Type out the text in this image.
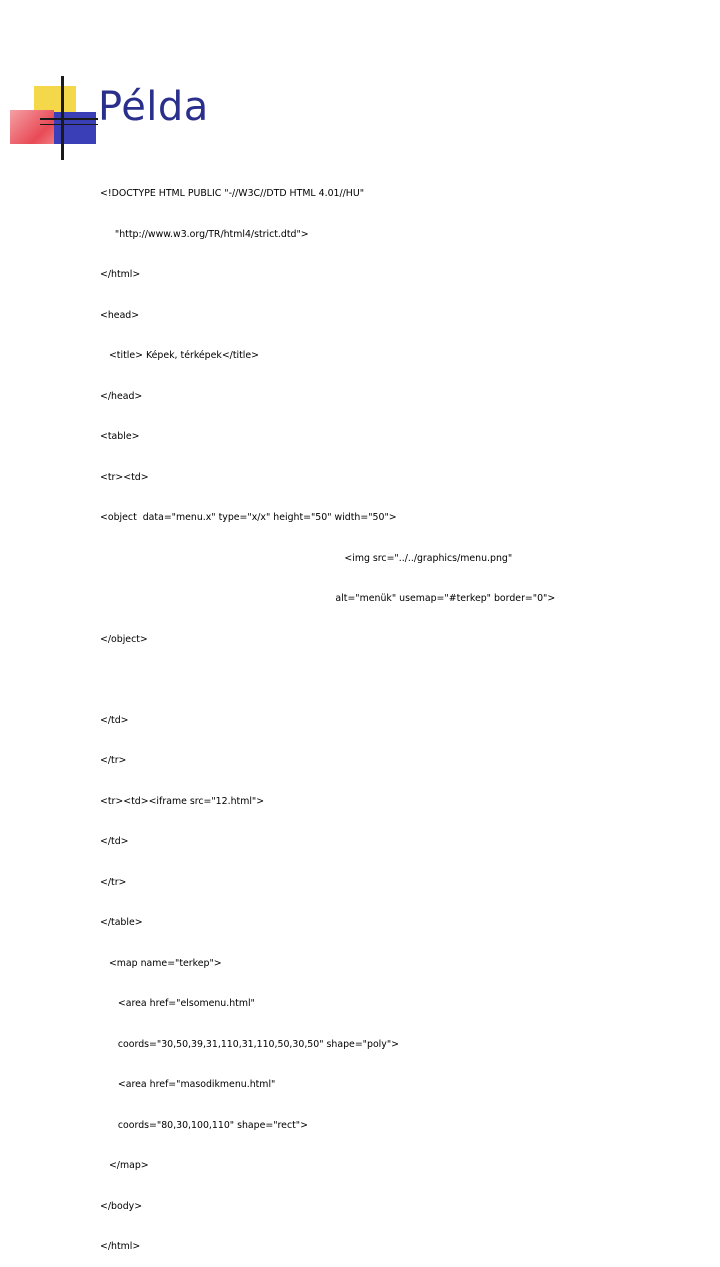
Példa

<!DOCTYPE HTML PUBLIC "-//W3C//DTD HTML 4.01//HU"

"http://www.w3.org/TR/html4/strict.dtd">

</html>

<head>

<title> Képek, térképek</title>

</head>

<table>

<tr><td>

<object  data="menu.x" type="x/x" height="50" width="50">

<img src="../../graphics/menu.png"

alt="menük" usemap="#terkep" border="0">

</object>

</td>

</tr>

<tr><td><iframe src="12.html">

</td>

</tr>

</table>

<map name="terkep">

<area href="elsomenu.html"

coords="30,50,39,31,110,31,110,50,30,50" shape="poly">

<area href="masodikmenu.html"

coords="80,30,100,110" shape="rect">

</map>

</body>

</html>
